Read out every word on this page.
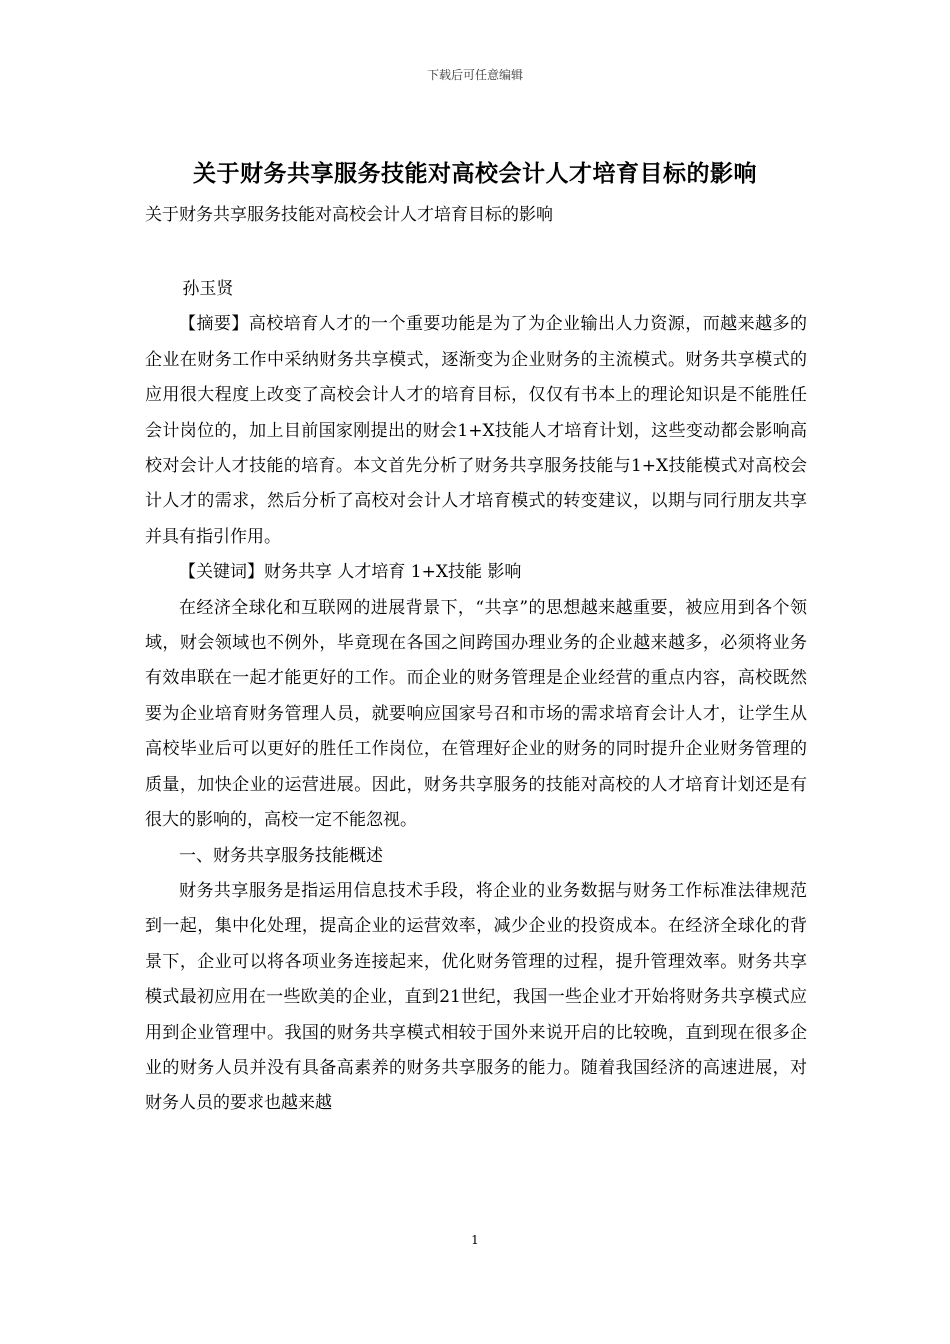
下载后可任意编辑
关于财务共享服务技能对高校会计人才培育目标的影响
关于财务共享服务技能对高校会计人才培育目标的影响

孙玉贤

【摘要】高校培育人才的一个重要功能是为了为企业输出人力资源，而越来越多的企业在财务工作中采纳财务共享模式，逐渐变为企业财务的主流模式。财务共享模式的应用很大程度上改变了高校会计人才的培育目标，仅仅有书本上的理论知识是不能胜任会计岗位的，加上目前国家刚提出的财会1+X技能人才培育计划，这些变动都会影响高校对会计人才技能的培育。本文首先分析了财务共享服务技能与1+X技能模式对高校会计人才的需求，然后分析了高校对会计人才培育模式的转变建议，以期与同行朋友共享并具有指引作用。

【关键词】财务共享 人才培育 1+X技能 影响

在经济全球化和互联网的进展背景下，“共享”的思想越来越重要，被应用到各个领域，财会领域也不例外，毕竟现在各国之间跨国办理业务的企业越来越多，必须将业务有效串联在一起才能更好的工作。而企业的财务管理是企业经营的重点内容，高校既然要为企业培育财务管理人员，就要响应国家号召和市场的需求培育会计人才，让学生从高校毕业后可以更好的胜任工作岗位，在管理好企业的财务的同时提升企业财务管理的质量，加快企业的运营进展。因此，财务共享服务的技能对高校的人才培育计划还是有很大的影响的，高校一定不能忽视。

一、财务共享服务技能概述

财务共享服务是指运用信息技术手段，将企业的业务数据与财务工作标准法律规范到一起，集中化处理，提高企业的运营效率，减少企业的投资成本。在经济全球化的背景下，企业可以将各项业务连接起来，优化财务管理的过程，提升管理效率。财务共享模式最初应用在一些欧美的企业，直到21世纪，我国一些企业才开始将财务共享模式应用到企业管理中。我国的财务共享模式相较于国外来说开启的比较晚，直到现在很多企业的财务人员并没有具备高素养的财务共享服务的能力。随着我国经济的高速进展，对财务人员的要求也越来越

1
